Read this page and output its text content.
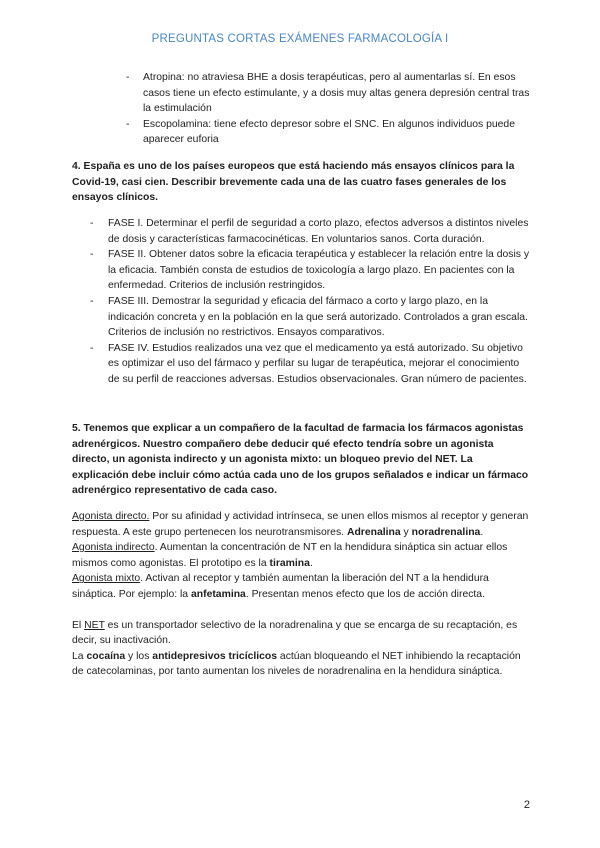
PREGUNTAS CORTAS EXÁMENES FARMACOLOGÍA I
- Atropina: no atraviesa BHE a dosis terapéuticas, pero al aumentarlas sí. En esos casos tiene un efecto estimulante, y a dosis muy altas genera depresión central tras la estimulación
- Escopolamina: tiene efecto depresor sobre el SNC. En algunos individuos puede aparecer euforia

4. España es uno de los países europeos que está haciendo más ensayos clínicos para la Covid-19, casi cien. Describir brevemente cada una de las cuatro fases generales de los ensayos clínicos.

- FASE I. Determinar el perfil de seguridad a corto plazo, efectos adversos a distintos niveles de dosis y características farmacocinéticas. En voluntarios sanos. Corta duración.
- FASE II. Obtener datos sobre la eficacia terapéutica y establecer la relación entre la dosis y la eficacia. También consta de estudios de toxicología a largo plazo. En pacientes con la enfermedad. Criterios de inclusión restringidos.
- FASE III. Demostrar la seguridad y eficacia del fármaco a corto y largo plazo, en la indicación concreta y en la población en la que será autorizado. Controlados a gran escala. Criterios de inclusión no restrictivos. Ensayos comparativos.
- FASE IV. Estudios realizados una vez que el medicamento ya está autorizado. Su objetivo es optimizar el uso del fármaco y perfilar su lugar de terapéutica, mejorar el conocimiento de su perfil de reacciones adversas. Estudios observacionales. Gran número de pacientes.

5. Tenemos que explicar a un compañero de la facultad de farmacia los fármacos agonistas adrenérgicos. Nuestro compañero debe deducir qué efecto tendría sobre un agonista directo, un agonista indirecto y un agonista mixto: un bloqueo previo del NET. La explicación debe incluir cómo actúa cada uno de los grupos señalados e indicar un fármaco adrenérgico representativo de cada caso.

Agonista directo. Por su afinidad y actividad intrínseca, se unen ellos mismos al receptor y generan respuesta. A este grupo pertenecen los neurotransmisores. Adrenalina y noradrenalina.

Agonista indirecto. Aumentan la concentración de NT en la hendidura sináptica sin actuar ellos mismos como agonistas. El prototipo es la tiramina.

Agonista mixto. Activan al receptor y también aumentan la liberación del NT a la hendidura sináptica. Por ejemplo: la anfetamina. Presentan menos efecto que los de acción directa.

El NET es un transportador selectivo de la noradrenalina y que se encarga de su recaptación, es decir, su inactivación.

La cocaína y los antidepresivos tricíclicos actúan bloqueando el NET inhibiendo la recaptación de catecolaminas, por tanto aumentan los niveles de noradrenalina en la hendidura sináptica.

2
